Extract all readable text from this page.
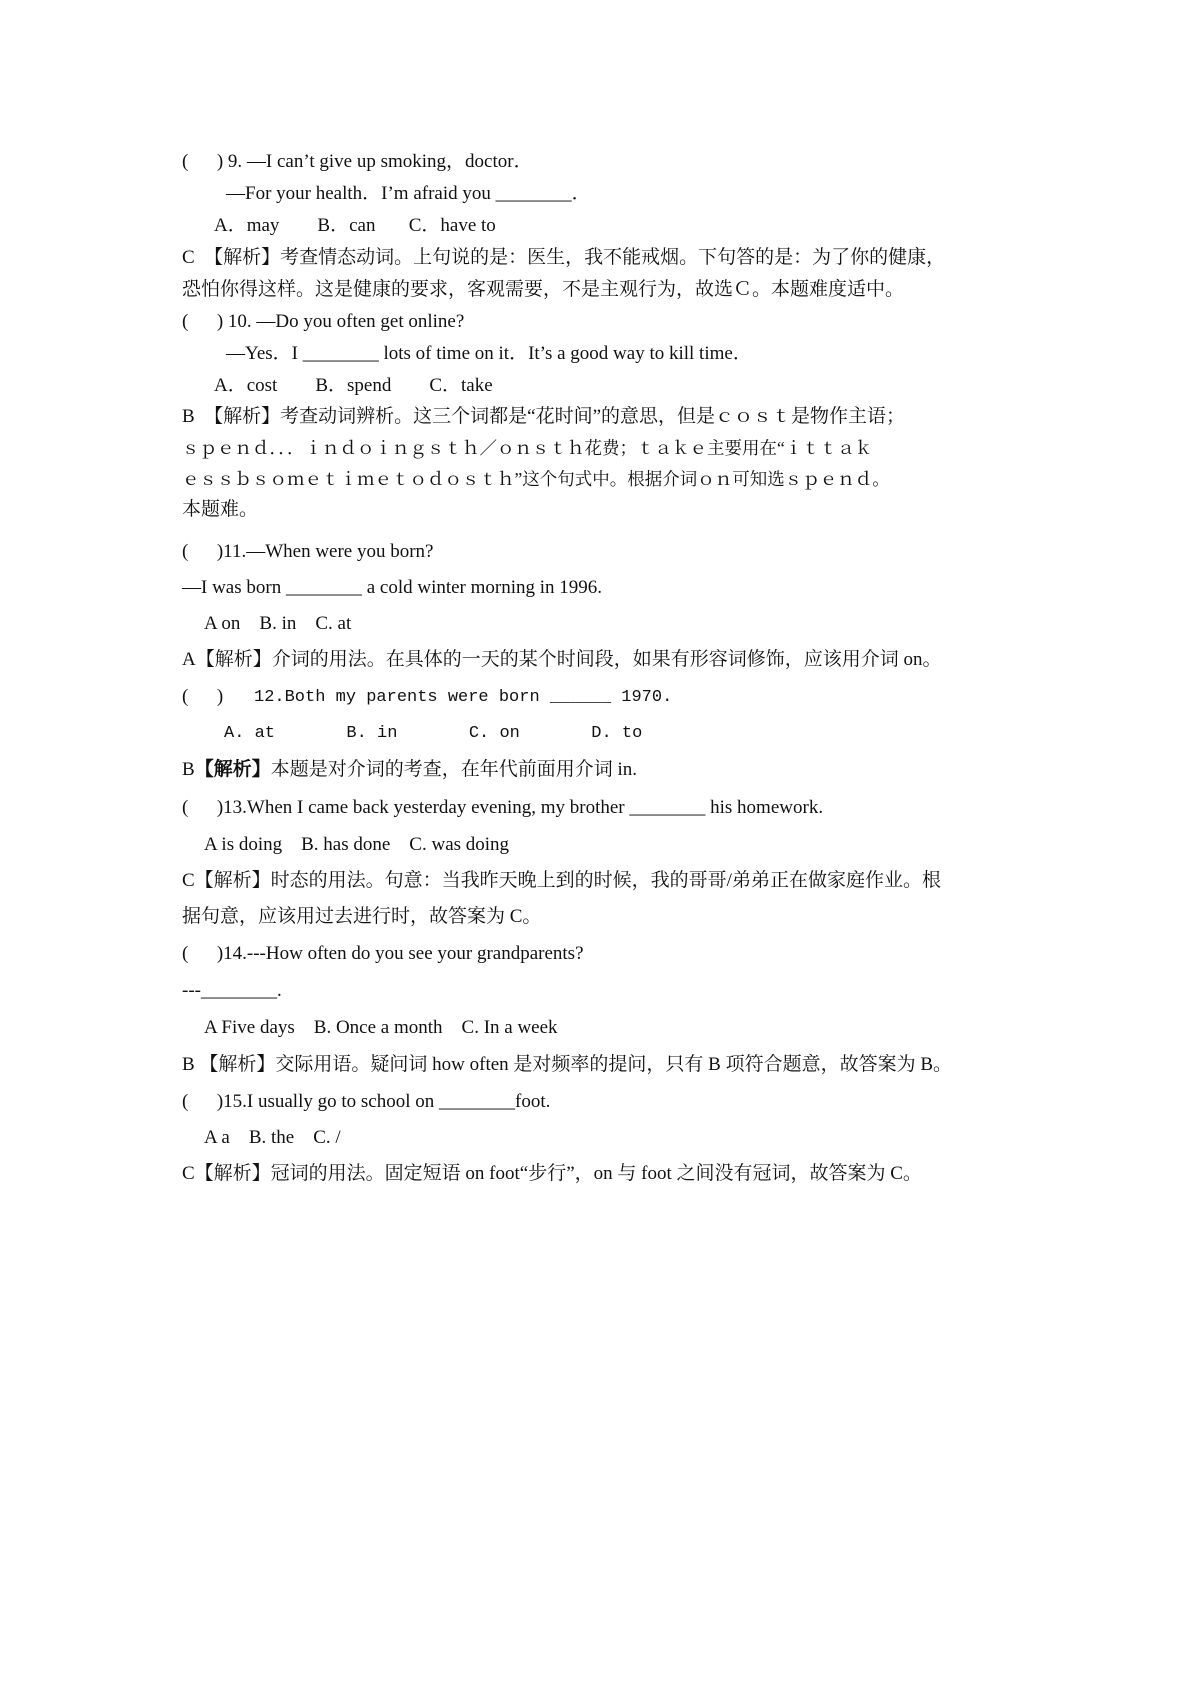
(      ) 9. —I can’t give up smoking，doctor．
—For your health．I’m afraid you ________．
A．may        B．can       C．have to
C  【解析】考查情态动词。上句说的是：医生，我不能戒烟。下句答的是：为了你的健康，
恐怕你得这样。这是健康的要求，客观需要，不是主观行为，故选Ｃ。本题难度适中。
(      ) 10. —Do you often get online?
—Yes．I ________ lots of time on it．It’s a good way to kill time．
A．cost        B．spend        C．take
B  【解析】考查动词辨析。这三个词都是“花时间”的意思，但是ｃｏｓｔ是物作主语；
ｓｐｅｎｄ．．．ｉｎｄｏｉｎｇｓｔｈ／ｏｎｓｔｈ花费；ｔａｋｅ主要用在“ｉｔｔａｋ
ｅｓｓｂｓｏｍｅｔｉｍｅｔｏｄｏｓｔｈ”这个句式中。根据介词ｏｎ可知选ｓｐｅｎｄ。
本题难。
(      )11.—When were you born?
—I was born ________ a cold winter morning in 1996.
A on    B. in    C. at
A【解析】介词的用法。在具体的一天的某个时间段，如果有形容词修饰，应该用介词 on。
(      ) 12.Both my parents were born ______ 1970.
A. at       B. in       C. on       D. to
B【解析】本题是对介词的考查，在年代前面用介词 in.
(      )13.When I came back yesterday evening, my brother ________ his homework.
A is doing    B. has done    C. was doing
C【解析】时态的用法。句意：当我昨天晚上到的时候，我的哥哥/弟弟正在做家庭作业。根
据句意，应该用过去进行时，故答案为 C。
(      )14.---How often do you see your grandparents?
---________.
A Five days    B. Once a month    C. In a week
B 【解析】交际用语。疑问词 how often 是对频率的提问，只有 B 项符合题意，故答案为 B。
(      )15.I usually go to school on ________foot.
A a    B. the    C. /
C【解析】冠词的用法。固定短语 on foot“步行”，on 与 foot 之间没有冠词，故答案为 C。
